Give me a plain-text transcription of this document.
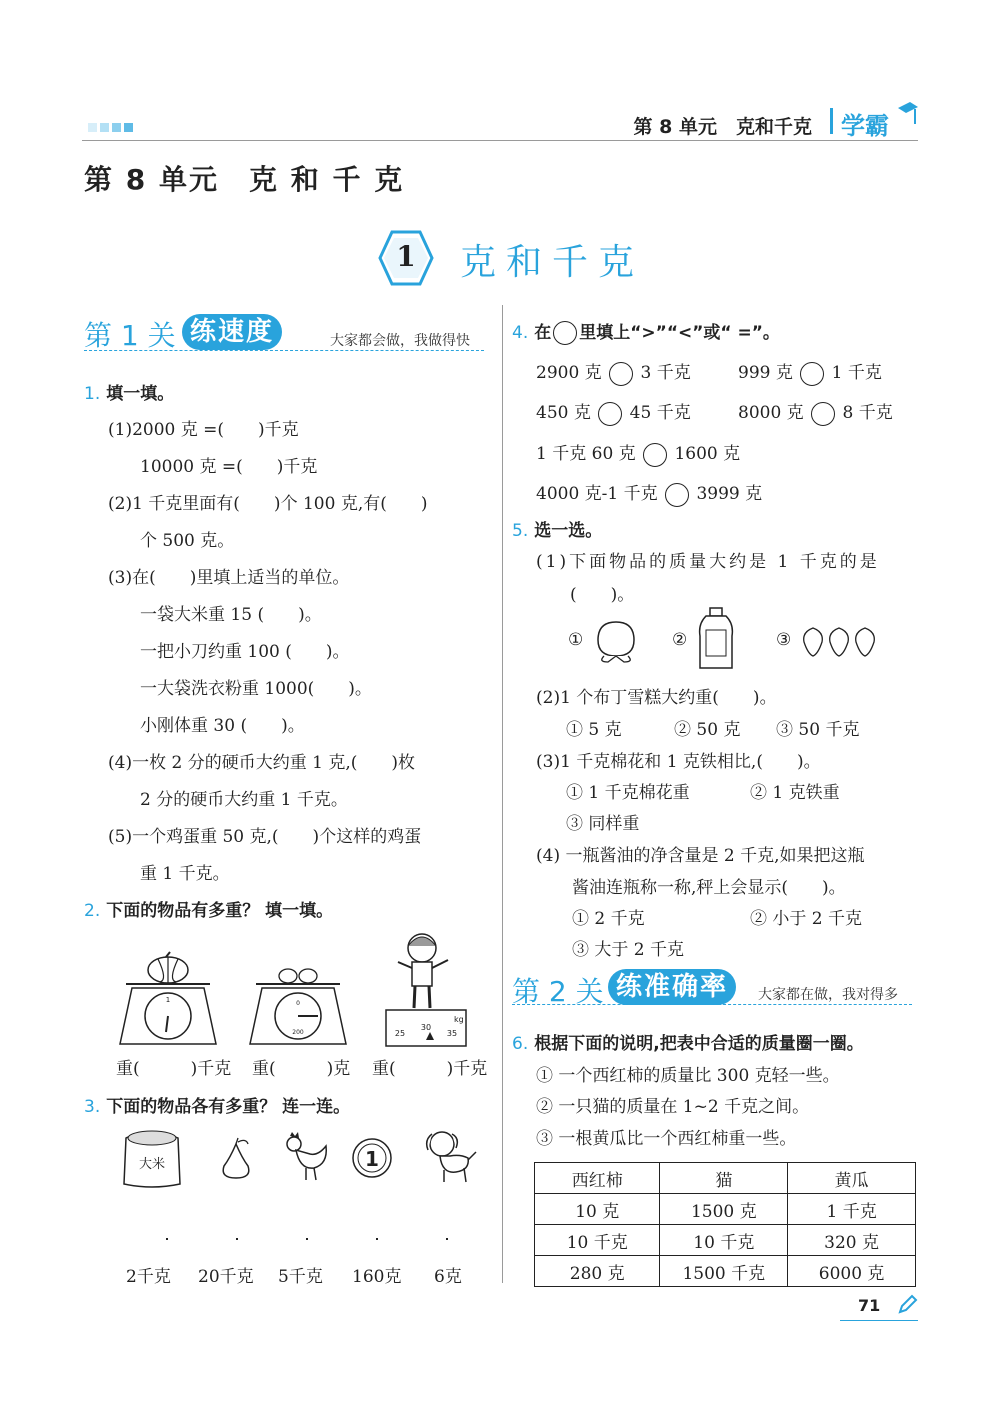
第 8 单元　克和千克 学霸
第 8 单元　克 和 千 克
1	克和千克
第 1 关 练速度	大家都会做，我做得快
1. 填一填。
(1)2000 克 =(　　)千克
10000 克 =(　　)千克
(2)1 千克里面有(　　)个 100 克,有(　　)
个 500 克。
(3)在(　　)里填上适当的单位。
一袋大米重 15 (　　)。
一把小刀约重 100 (　　)。
一大袋洗衣粉重 1000(　　)。
小刚体重 30 (　　)。
(4)一枚 2 分的硬币大约重 1 克,(　　)枚
2 分的硬币大约重 1 千克。
(5)一个鸡蛋重 50 克,(　　)个这样的鸡蛋
重 1 千克。
2. 下面的物品有多重？ 填一填。
1	0
200
kg
30
25	35
重(　　　)千克 重(　　　)克 重(　　　)千克
3. 下面的物品各有多重？ 连一连。
大米	1
2千克 20千克 5千克 160克 6克
4. 在 里填上“>”“<”或“ =”。
2900 克 3 千克	999 克 1 千克
450 克 45 千克	8000 克 8 千克
1 千克 60 克 1600 克
4000 克-1 千克 3999 克
5. 选一选。
(1)下面物品的质量大约是 1 千克的是
(　　)。
①	②	③
(2)1 个布丁雪糕大约重(　　)。
① 5 克	② 50 克 ③ 50 千克
(3)1 千克棉花和 1 克铁相比,(　　)。
① 1 千克棉花重	② 1 克铁重
③ 同样重
(4) 一瓶酱油的净含量是 2 千克,如果把这瓶
酱油连瓶称一称,秤上会显示(　　)。
① 2 千克	② 小于 2 千克
③ 大于 2 千克
第 2 关 练准确率	大家都在做，我对得多
6. 根据下面的说明,把表中合适的质量圈一圈。
① 一个西红柿的质量比 300 克轻一些。
② 一只猫的质量在 1~2 千克之间。
③ 一根黄瓜比一个西红柿重一些。
西红柿	猫	黄瓜
10 克	1500 克	1 千克
10 千克	10 千克	320 克
280 克	1500 千克	6000 克
71
